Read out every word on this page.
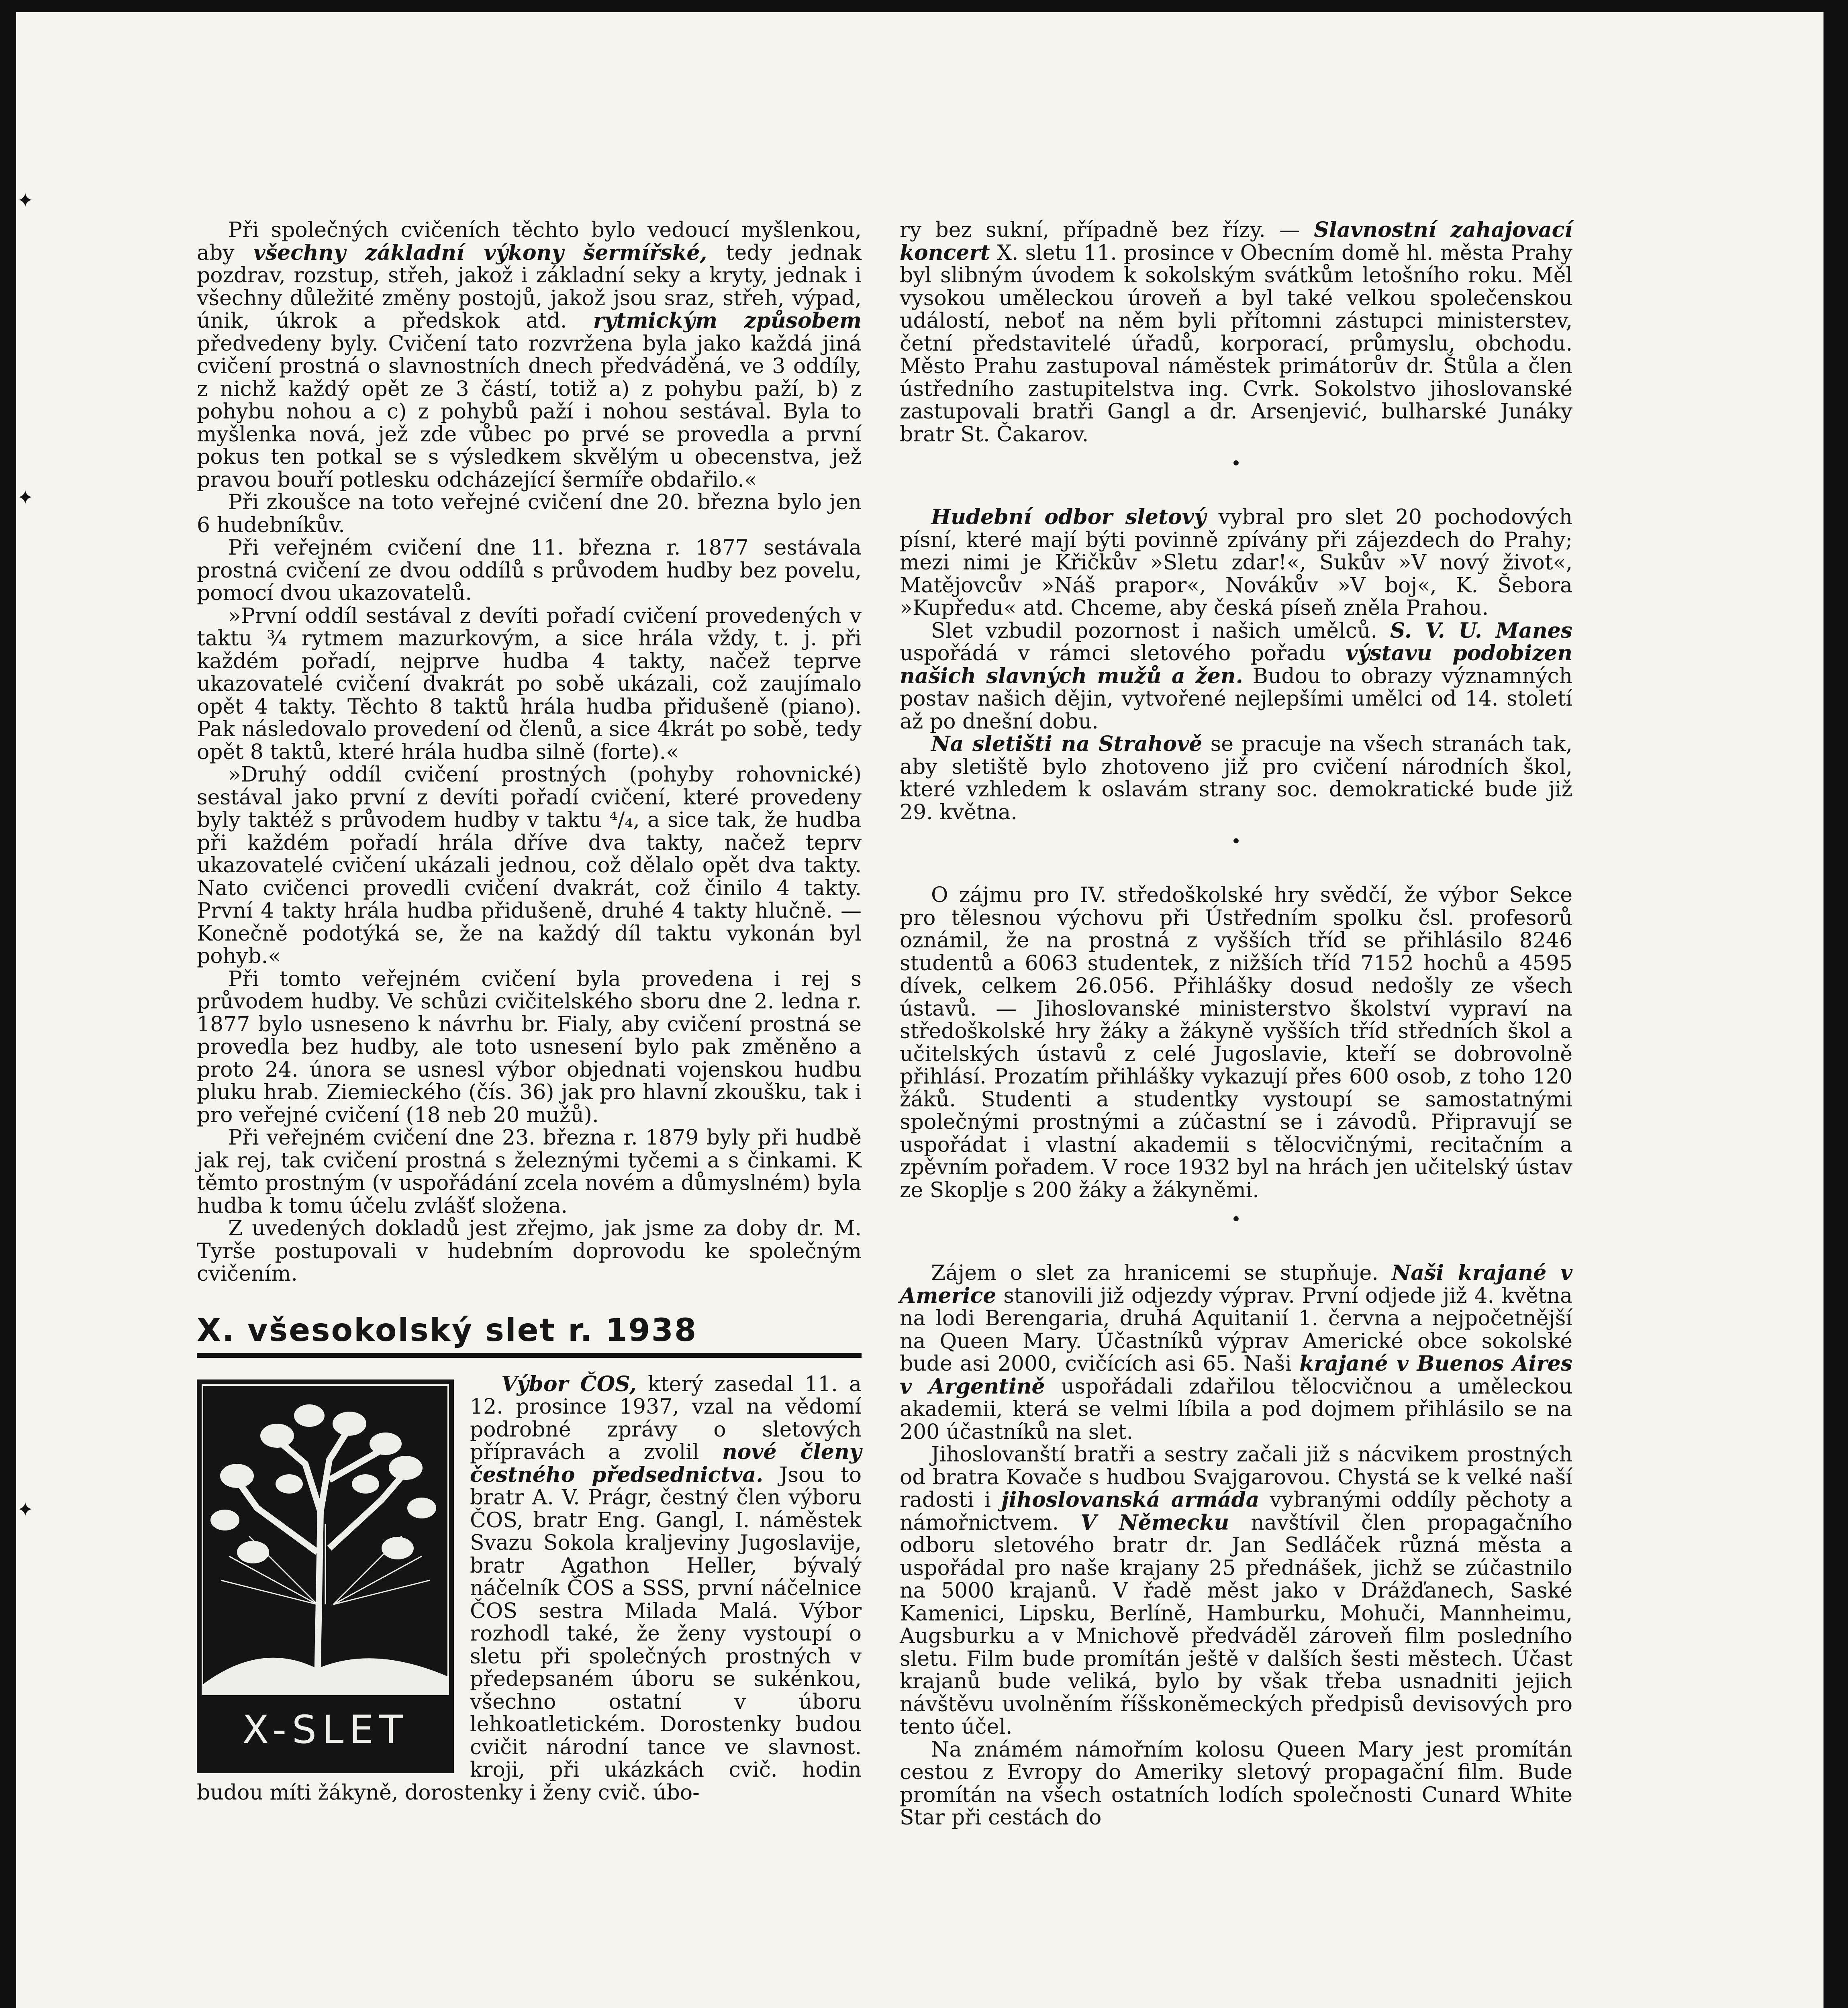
Při společných cvičeních těchto bylo vedoucí myšlenkou, aby všechny základní výkony šermířské, tedy jednak pozdrav, rozstup, střeh, jakož i základní seky a kryty, jednak i všechny důležité změny postojů, jakož jsou sraz, střeh, výpad, únik, úkrok a předskok atd. rytmickým způsobem předvedeny byly. Cvičení tato rozvržena byla jako každá jiná cvičení prostná o slavnostních dnech předváděná, ve 3 oddíly, z nichž každý opět ze 3 částí, totiž a) z pohybu paží, b) z pohybu nohou a c) z pohybů paží i nohou sestával. Byla to myšlenka nová, jež zde vůbec po prvé se provedla a první pokus ten potkal se s výsledkem skvělým u obecenstva, jež pravou bouří potlesku odcházející šermíře obdařilo.«

Při zkoušce na toto veřejné cvičení dne 20. března bylo jen 6 hudebníkův.

Při veřejném cvičení dne 11. března r. 1877 sestávala prostná cvičení ze dvou oddílů s průvodem hudby bez povelu, pomocí dvou ukazovatelů.

»První oddíl sestával z devíti pořadí cvičení provedených v taktu ¾ rytmem mazurkovým, a sice hrála vždy, t. j. při každém pořadí, nejprve hudba 4 takty, načež teprve ukazovatelé cvičení dvakrát po sobě ukázali, což zaujímalo opět 4 takty. Těchto 8 taktů hrála hudba přidušeně (piano). Pak následovalo provedení od členů, a sice 4krát po sobě, tedy opět 8 taktů, které hrála hudba silně (forte).«

»Druhý oddíl cvičení prostných (pohyby rohovnické) sestával jako první z devíti pořadí cvičení, které provedeny byly taktéž s průvodem hudby v taktu ⁴/₄, a sice tak, že hudba při každém pořadí hrála dříve dva takty, načež teprv ukazovatelé cvičení ukázali jednou, což dělalo opět dva takty. Nato cvičenci provedli cvičení dvakrát, což činilo 4 takty. První 4 takty hrála hudba přidušeně, druhé 4 takty hlučně. — Konečně podotýká se, že na každý díl taktu vykonán byl pohyb.«

Při tomto veřejném cvičení byla provedena i rej s průvodem hudby. Ve schůzi cvičitelského sboru dne 2. ledna r. 1877 bylo usneseno k návrhu br. Fialy, aby cvičení prostná se provedla bez hudby, ale toto usnesení bylo pak změněno a proto 24. února se usnesl výbor objednati vojenskou hudbu pluku hrab. Ziemieckého (čís. 36) jak pro hlavní zkoušku, tak i pro veřejné cvičení (18 neb 20 mužů).

Při veřejném cvičení dne 23. března r. 1879 byly při hudbě jak rej, tak cvičení prostná s železnými tyčemi a s činkami. K těmto prostným (v uspořádání zcela novém a důmyslném) byla hudba k tomu účelu zvlášť složena.

Z uvedených dokladů jest zřejmo, jak jsme za doby dr. M. Tyrše postupovali v hudebním doprovodu ke společným cvičením.

X. všesokolský slet r. 1938
X-SLET

Výbor ČOS, který zasedal 11. a 12. prosince 1937, vzal na vědomí podrobné zprávy o sletových přípravách a zvolil nové členy čestného předsednictva. Jsou to bratr A. V. Prágr, čestný člen výboru ČOS, bratr Eng. Gangl, I. náměstek Svazu Sokola kraljeviny Jugoslavije, bratr Agathon Heller, bývalý náčelník ČOS a SSS, první náčelnice ČOS sestra Milada Malá. Výbor rozhodl také, že ženy vystoupí o sletu při společných prostných v předepsaném úboru se sukénkou, všechno ostatní v úboru lehkoatletickém. Dorostenky budou cvičit národní tance ve slavnost. kroji, při ukázkách cvič. hodin budou míti žákyně, dorostenky i ženy cvič. úbo-

ry bez sukní, případně bez řízy. — Slavnostní zahajovací koncert X. sletu 11. prosince v Obecním domě hl. města Prahy byl slibným úvodem k sokolským svátkům letošního roku. Měl vysokou uměleckou úroveň a byl také velkou společenskou událostí, neboť na něm byli přítomni zástupci ministerstev, četní představitelé úřadů, korporací, průmyslu, obchodu. Město Prahu zastupoval náměstek primátorův dr. Štůla a člen ústředního zastupitelstva ing. Cvrk. Sokolstvo jihoslovanské zastupovali bratři Gangl a dr. Arsenjević, bulharské Junáky bratr St. Čakarov.

•

Hudební odbor sletový vybral pro slet 20 pochodových písní, které mají býti povinně zpívány při zájezdech do Prahy; mezi nimi je Křičkův »Sletu zdar!«, Sukův »V nový život«, Matějovcův »Náš prapor«, Novákův »V boj«, K. Šebora »Kupředu« atd. Chceme, aby česká píseň zněla Prahou.

Slet vzbudil pozornost i našich umělců. S. V. U. Manes uspořádá v rámci sletového pořadu výstavu podobizen našich slavných mužů a žen. Budou to obrazy významných postav našich dějin, vytvořené nejlepšími umělci od 14. století až po dnešní dobu.

Na sletišti na Strahově se pracuje na všech stranách tak, aby sletiště bylo zhotoveno již pro cvičení národních škol, které vzhledem k oslavám strany soc. demokratické bude již 29. května.

•

O zájmu pro IV. středoškolské hry svědčí, že výbor Sekce pro tělesnou výchovu při Ústředním spolku čsl. profesorů oznámil, že na prostná z vyšších tříd se přihlásilo 8246 studentů a 6063 studentek, z nižších tříd 7152 hochů a 4595 dívek, celkem 26.056. Přihlášky dosud nedošly ze všech ústavů. — Jihoslovanské ministerstvo školství vypraví na středoškolské hry žáky a žákyně vyšších tříd středních škol a učitelských ústavů z celé Jugoslavie, kteří se dobrovolně přihlásí. Prozatím přihlášky vykazují přes 600 osob, z toho 120 žáků. Studenti a studentky vystoupí se samostatnými společnými prostnými a zúčastní se i závodů. Připravují se uspořádat i vlastní akademii s tělocvičnými, recitačním a zpěvním pořadem. V roce 1932 byl na hrách jen učitelský ústav ze Skoplje s 200 žáky a žákyněmi.

•

Zájem o slet za hranicemi se stupňuje. Naši krajané v Americe stanovili již odjezdy výprav. První odjede již 4. května na lodi Berengaria, druhá Aquitanií 1. června a nejpočetnější na Queen Mary. Účastníků výprav Americké obce sokolské bude asi 2000, cvičících asi 65. Naši krajané v Buenos Aires v Argentině uspořádali zdařilou tělocvičnou a uměleckou akademii, která se velmi líbila a pod dojmem přihlásilo se na 200 účastníků na slet.

Jihoslovanští bratři a sestry začali již s nácvikem prostných od bratra Kovače s hudbou Svajgarovou. Chystá se k velké naší radosti i jihoslovanská armáda vybranými oddíly pěchoty a námořnictvem. V Německu navštívil člen propagačního odboru sletového bratr dr. Jan Sedláček různá města a uspořádal pro naše krajany 25 přednášek, jichž se zúčastnilo na 5000 krajanů. V řadě měst jako v Drážďanech, Saské Kamenici, Lipsku, Berlíně, Hamburku, Mohuči, Mannheimu, Augsburku a v Mnichově předváděl zároveň film posledního sletu. Film bude promítán ještě v dalších šesti městech. Účast krajanů bude veliká, bylo by však třeba usnadniti jejich návštěvu uvolněním říšskoněmeckých předpisů devisových pro tento účel.

Na známém námořním kolosu Queen Mary jest promítán cestou z Evropy do Ameriky sletový propagační film. Bude promítán na všech ostatních lodích společnosti Cunard White Star při cestách do

✦
✦
✦
